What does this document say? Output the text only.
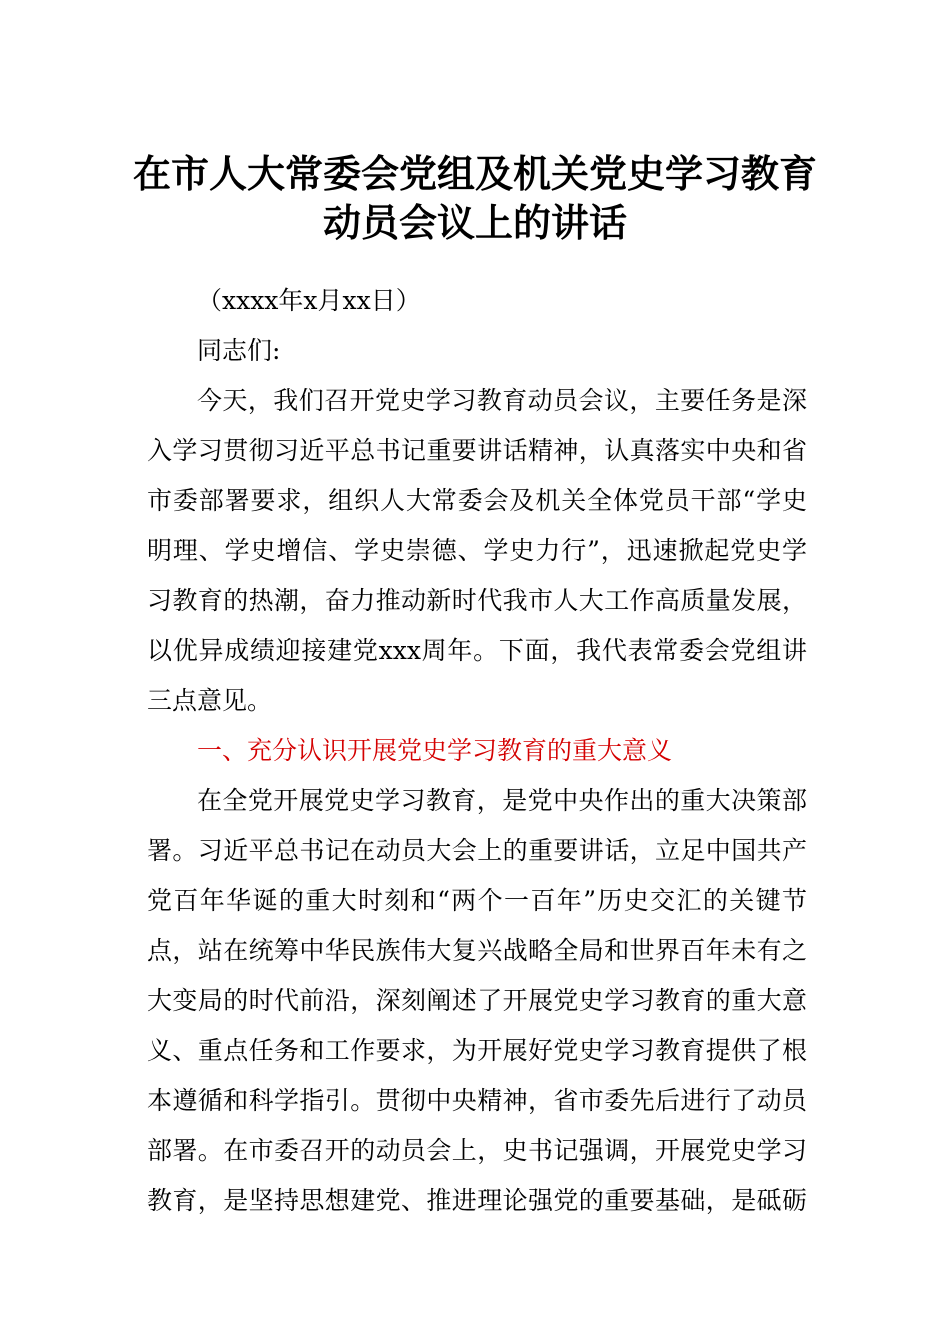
在市人大常委会党组及机关党史学习教育
动员会议上的讲话
（xxxx年x月xx日）
同志们:
今天，我们召开党史学习教育动员会议，主要任务是深
入学习贯彻习近平总书记重要讲话精神，认真落实中央和省
市委部署要求，组织人大常委会及机关全体党员干部“学史
明理、学史增信、学史崇德、学史力行”，迅速掀起党史学
习教育的热潮，奋力推动新时代我市人大工作高质量发展，
以优异成绩迎接建党xxx周年。下面，我代表常委会党组讲
三点意见。
一、充分认识开展党史学习教育的重大意义
在全党开展党史学习教育，是党中央作出的重大决策部
署。习近平总书记在动员大会上的重要讲话，立足中国共产
党百年华诞的重大时刻和“两个一百年”历史交汇的关键节
点，站在统筹中华民族伟大复兴战略全局和世界百年未有之
大变局的时代前沿，深刻阐述了开展党史学习教育的重大意
义、重点任务和工作要求，为开展好党史学习教育提供了根
本遵循和科学指引。贯彻中央精神，省市委先后进行了动员
部署。在市委召开的动员会上，史书记强调，开展党史学习
教育，是坚持思想建党、推进理论强党的重要基础，是砥砺
